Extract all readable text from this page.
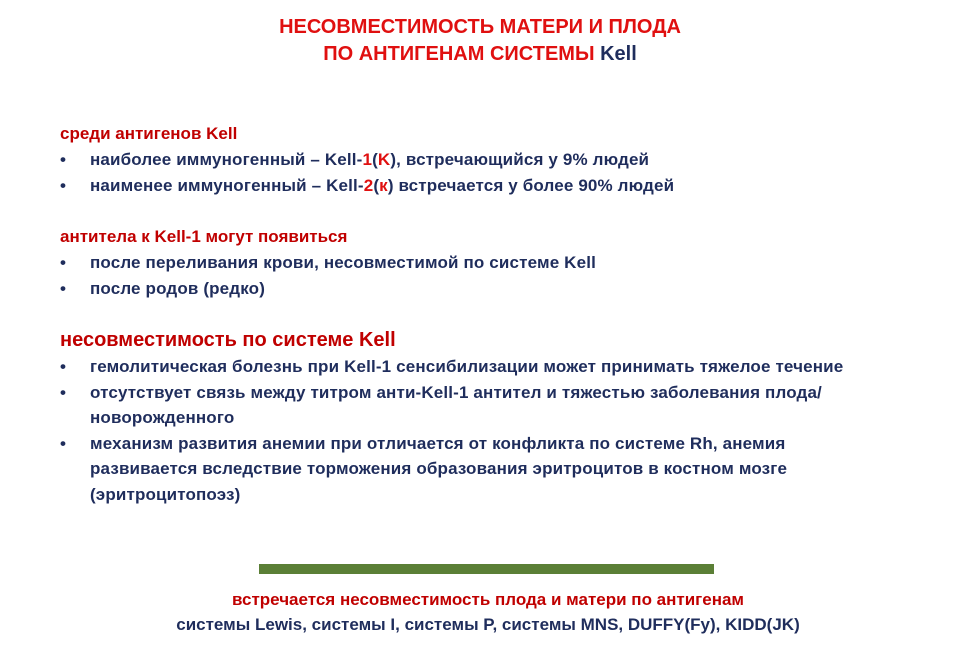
НЕСОВМЕСТИМОСТЬ МАТЕРИ И ПЛОДА
ПО АНТИГЕНАМ СИСТЕМЫ Kell
среди антигенов Kell
• наиболее иммуногенный – Kell-1(K), встречающийся у 9% людей
• наименее иммуногенный – Kell-2(к) встречается у более 90% людей
антитела к Kell-1 могут появиться
• после переливания крови, несовместимой по системе Kell
• после родов (редко)
несовместимость по системе Kell
• гемолитическая болезнь при Kell-1 сенсибилизации может принимать тяжелое течение
• отсутствует связь между титром анти-Kell-1 антител и тяжестью заболевания плода/новорожденного
• механизм развития анемии при отличается от конфликта по системе Rh, анемия развивается вследствие торможения образования эритроцитов в костном мозге (эритроцитопоэз)
встречается несовместимость плода и матери по антигенам
системы Lewis, системы I, системы P, системы MNS, DUFFY(Fy), KIDD(JK)
